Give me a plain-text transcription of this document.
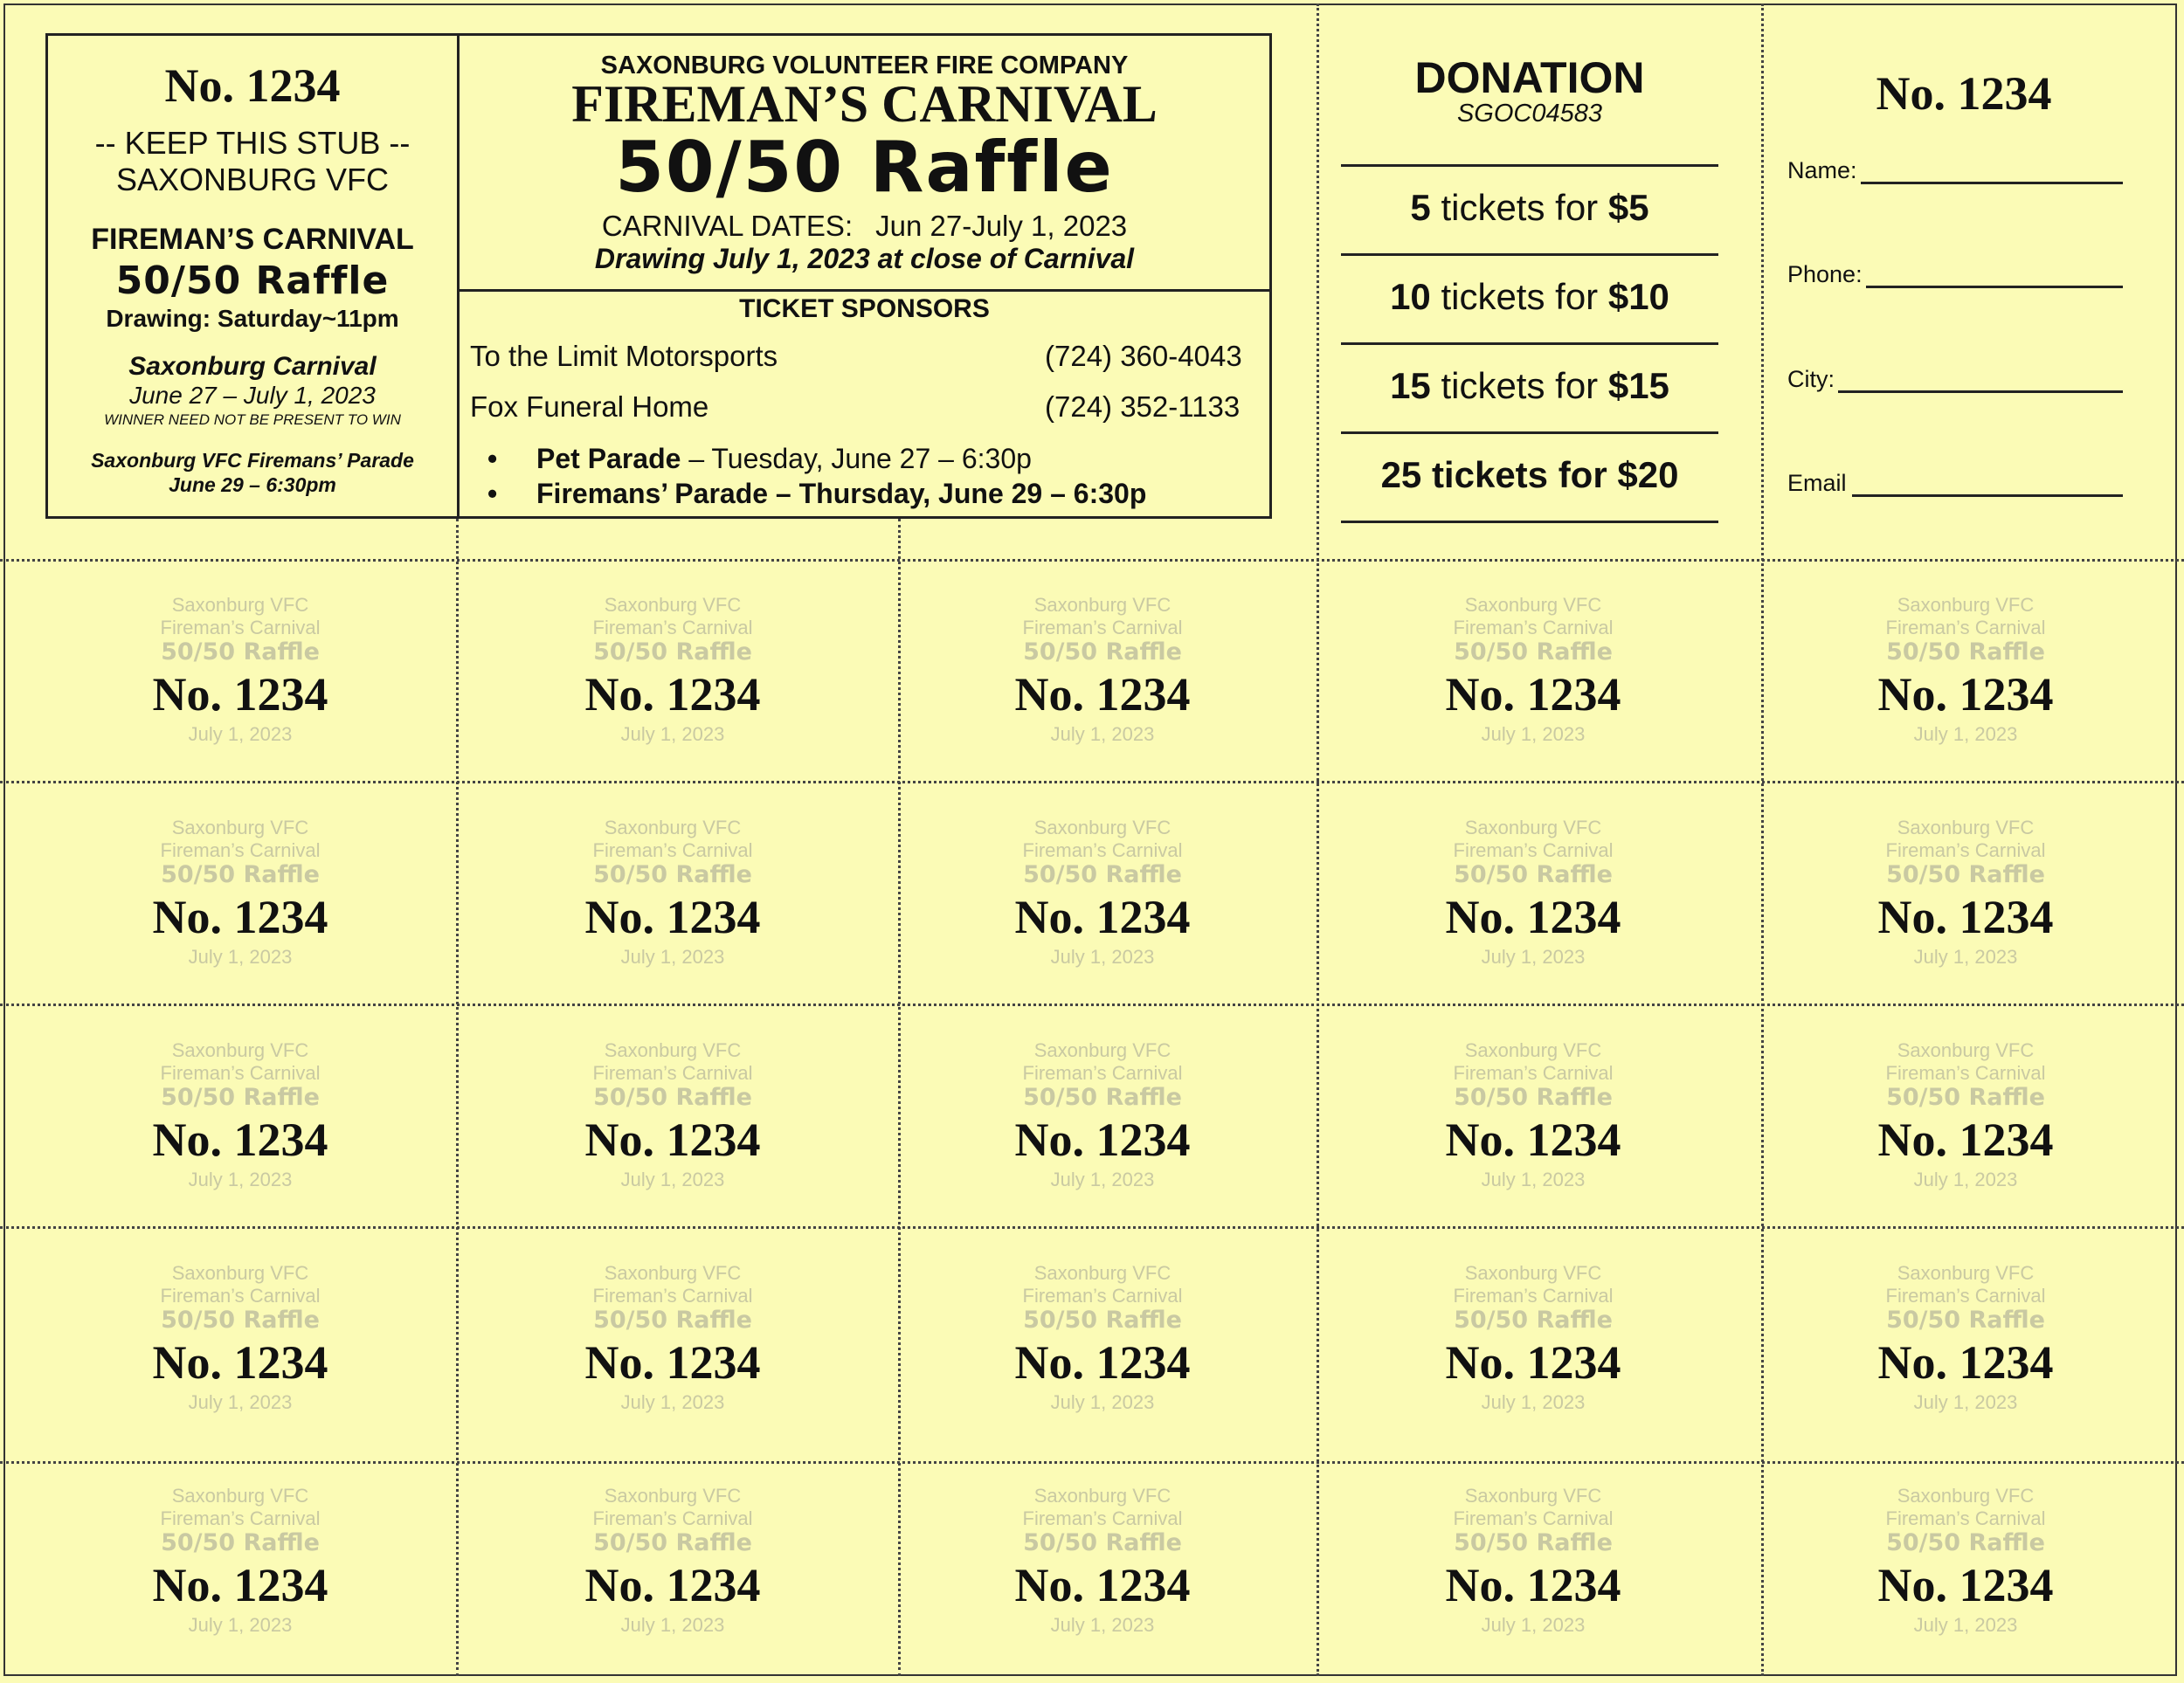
No. 1234
-- KEEP THIS STUB --
SAXONBURG VFC
FIREMAN’S CARNIVAL
50/50 Raffle
Drawing: Saturday~11pm
Saxonburg Carnival
June 27 – July 1, 2023
WINNER NEED NOT BE PRESENT TO WIN
Saxonburg VFC Firemans’ Parade
June 29 – 6:30pm
SAXONBURG VOLUNTEER FIRE COMPANY
FIREMAN’S CARNIVAL
50/50 Raffle
CARNIVAL DATES: Jun 27-July 1, 2023
Drawing July 1, 2023 at close of Carnival
TICKET SPONSORS
To the Limit Motorsports	(724) 360-4043
Fox Funeral Home	(724) 352-1133
• Pet Parade – Tuesday, June 27 – 6:30p
• Firemans’ Parade – Thursday, June 29 – 6:30p
DONATION
SGOC04583
5 tickets for $5
10 tickets for $10
15 tickets for $15
25 tickets for $20
No. 1234
Name:
Phone:
City:
Email
Saxonburg VFC
Fireman’s Carnival
50/50 Raffle
No. 1234
July 1, 2023
Saxonburg VFC
Fireman’s Carnival
50/50 Raffle
No. 1234
July 1, 2023
Saxonburg VFC
Fireman’s Carnival
50/50 Raffle
No. 1234
July 1, 2023
Saxonburg VFC
Fireman’s Carnival
50/50 Raffle
No. 1234
July 1, 2023
Saxonburg VFC
Fireman’s Carnival
50/50 Raffle
No. 1234
July 1, 2023
Saxonburg VFC
Fireman’s Carnival
50/50 Raffle
No. 1234
July 1, 2023
Saxonburg VFC
Fireman’s Carnival
50/50 Raffle
No. 1234
July 1, 2023
Saxonburg VFC
Fireman’s Carnival
50/50 Raffle
No. 1234
July 1, 2023
Saxonburg VFC
Fireman’s Carnival
50/50 Raffle
No. 1234
July 1, 2023
Saxonburg VFC
Fireman’s Carnival
50/50 Raffle
No. 1234
July 1, 2023
Saxonburg VFC
Fireman’s Carnival
50/50 Raffle
No. 1234
July 1, 2023
Saxonburg VFC
Fireman’s Carnival
50/50 Raffle
No. 1234
July 1, 2023
Saxonburg VFC
Fireman’s Carnival
50/50 Raffle
No. 1234
July 1, 2023
Saxonburg VFC
Fireman’s Carnival
50/50 Raffle
No. 1234
July 1, 2023
Saxonburg VFC
Fireman’s Carnival
50/50 Raffle
No. 1234
July 1, 2023
Saxonburg VFC
Fireman’s Carnival
50/50 Raffle
No. 1234
July 1, 2023
Saxonburg VFC
Fireman’s Carnival
50/50 Raffle
No. 1234
July 1, 2023
Saxonburg VFC
Fireman’s Carnival
50/50 Raffle
No. 1234
July 1, 2023
Saxonburg VFC
Fireman’s Carnival
50/50 Raffle
No. 1234
July 1, 2023
Saxonburg VFC
Fireman’s Carnival
50/50 Raffle
No. 1234
July 1, 2023
Saxonburg VFC
Fireman’s Carnival
50/50 Raffle
No. 1234
July 1, 2023
Saxonburg VFC
Fireman’s Carnival
50/50 Raffle
No. 1234
July 1, 2023
Saxonburg VFC
Fireman’s Carnival
50/50 Raffle
No. 1234
July 1, 2023
Saxonburg VFC
Fireman’s Carnival
50/50 Raffle
No. 1234
July 1, 2023
Saxonburg VFC
Fireman’s Carnival
50/50 Raffle
No. 1234
July 1, 2023
